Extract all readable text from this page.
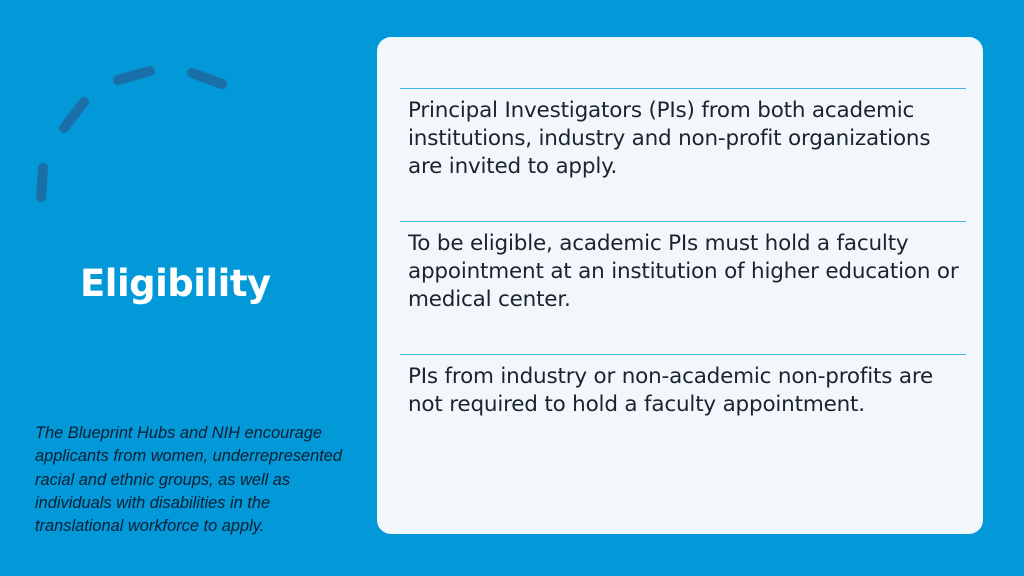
Eligibility

The Blueprint Hubs and NIH encourage applicants from women, underrepresented racial and ethnic groups, as well as individuals with disabilities in the translational workforce to apply.

Principal Investigators (PIs) from both academic institutions, industry and non-profit organizations are invited to apply.

To be eligible, academic PIs must hold a faculty appointment at an institution of higher education or medical center.

PIs from industry or non-academic non-profits are not required to hold a faculty appointment.
